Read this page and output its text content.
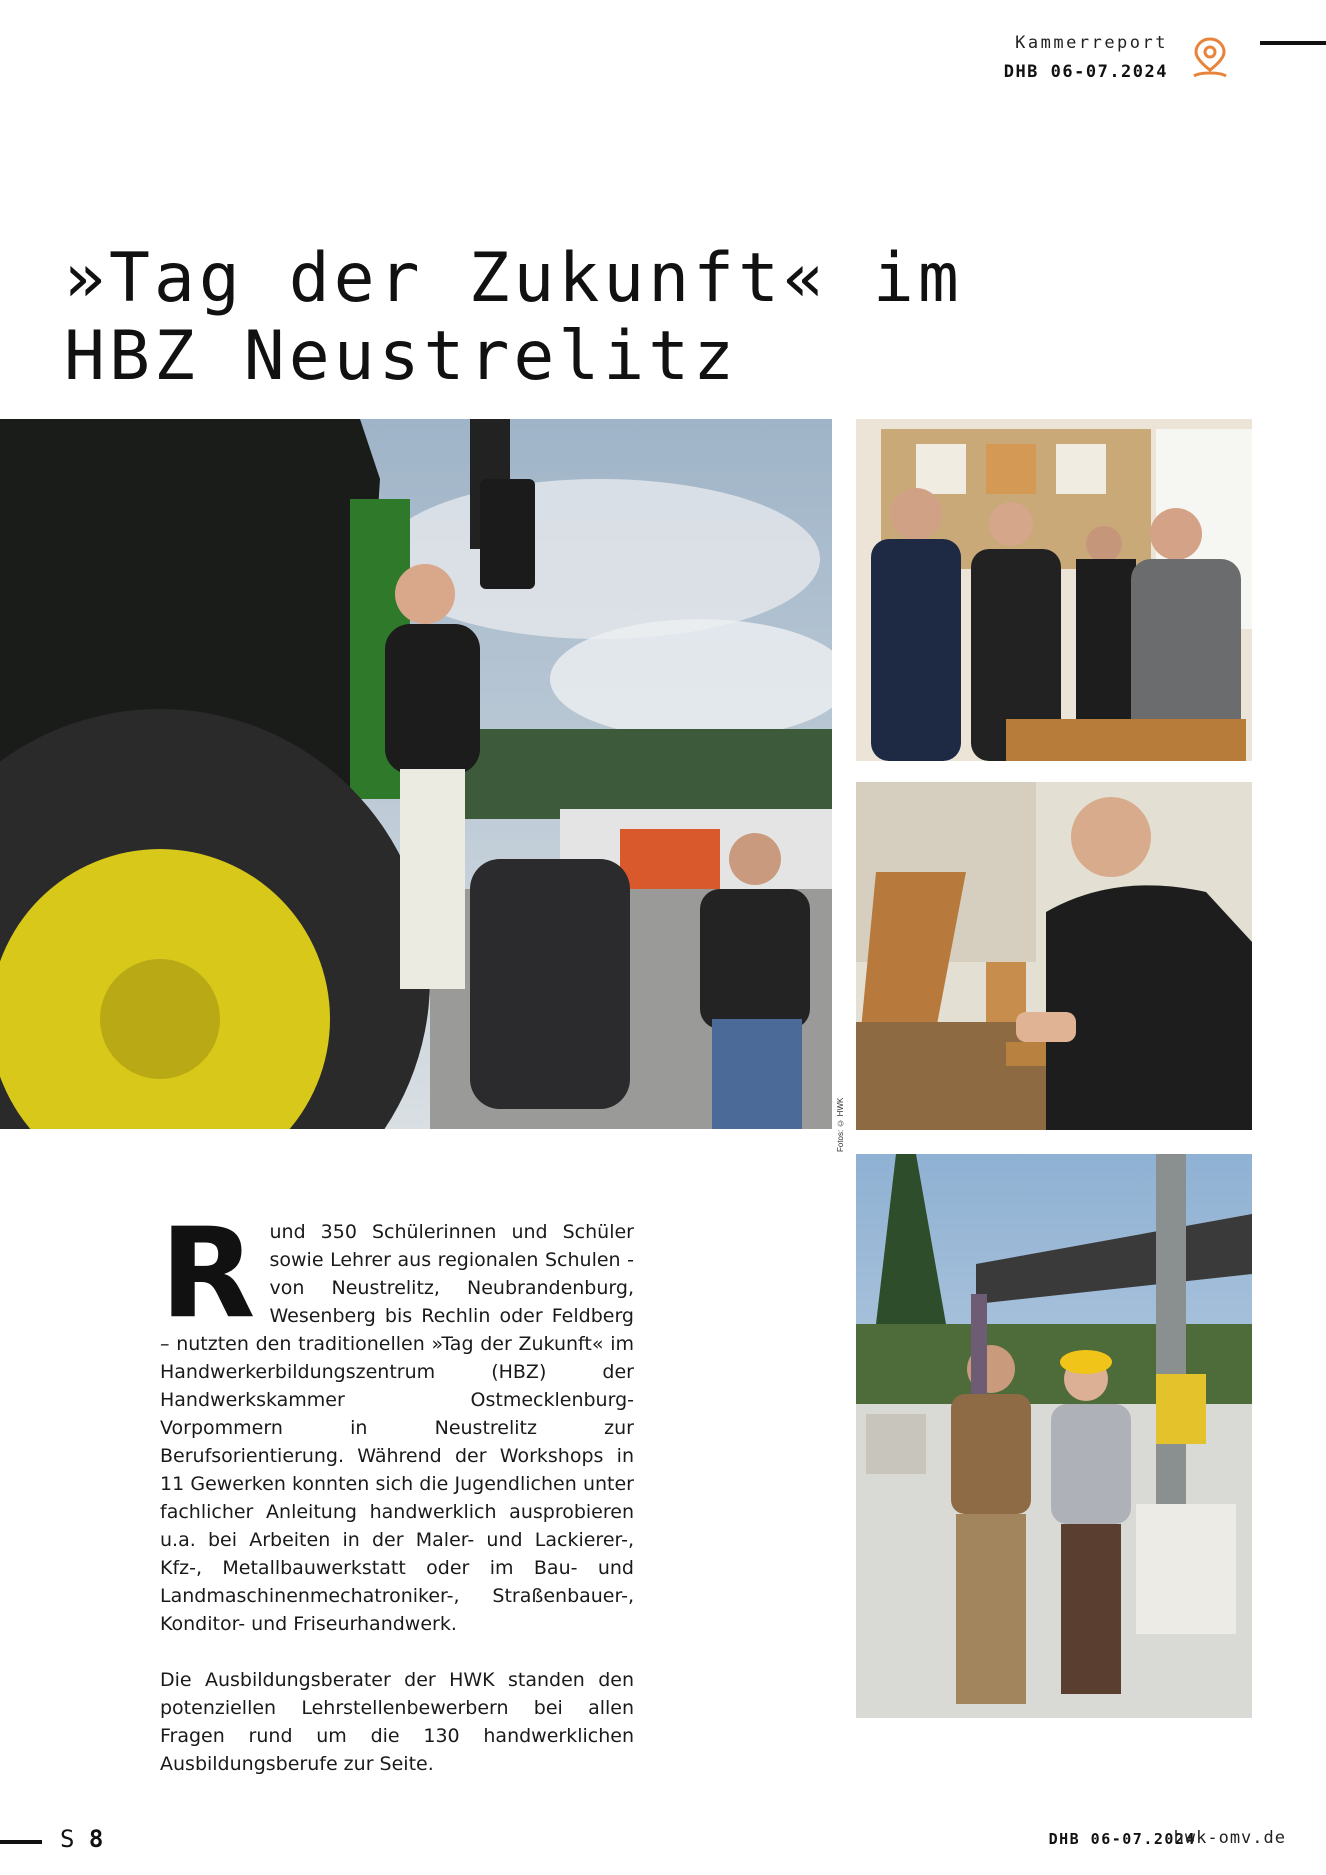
Kammerreport
DHB 06-07.2024
»Tag der Zukunft« im
HBZ Neustrelitz
Fotos: © HWK
R und 350 Schülerinnen und Schüler sowie Lehrer aus regionalen Schulen - von Neustrelitz, Neubrandenburg, Wesenberg bis Rechlin oder Feldberg – nutzten den traditionellen »Tag der Zukunft« im Handwerkerbildungszentrum (HBZ) der Handwerkskammer Ostmecklenburg-Vorpommern in Neustrelitz zur Berufsorientierung. Während der Workshops in 11 Gewerken konnten sich die Jugendlichen unter fachlicher Anleitung handwerklich ausprobieren u.a. bei Arbeiten in der Maler- und Lackierer-, Kfz-, Metallbauwerkstatt oder im Bau- und Landmaschinenmechatroniker-, Straßenbauer-, Konditor- und Friseurhandwerk.

Die Ausbildungsberater der HWK standen den potenziellen Lehrstellenbewerbern bei allen Fragen rund um die 130 handwerklichen Ausbildungsberufe zur Seite.

S 8	DHB 06-07.2024
hwk-omv.de
